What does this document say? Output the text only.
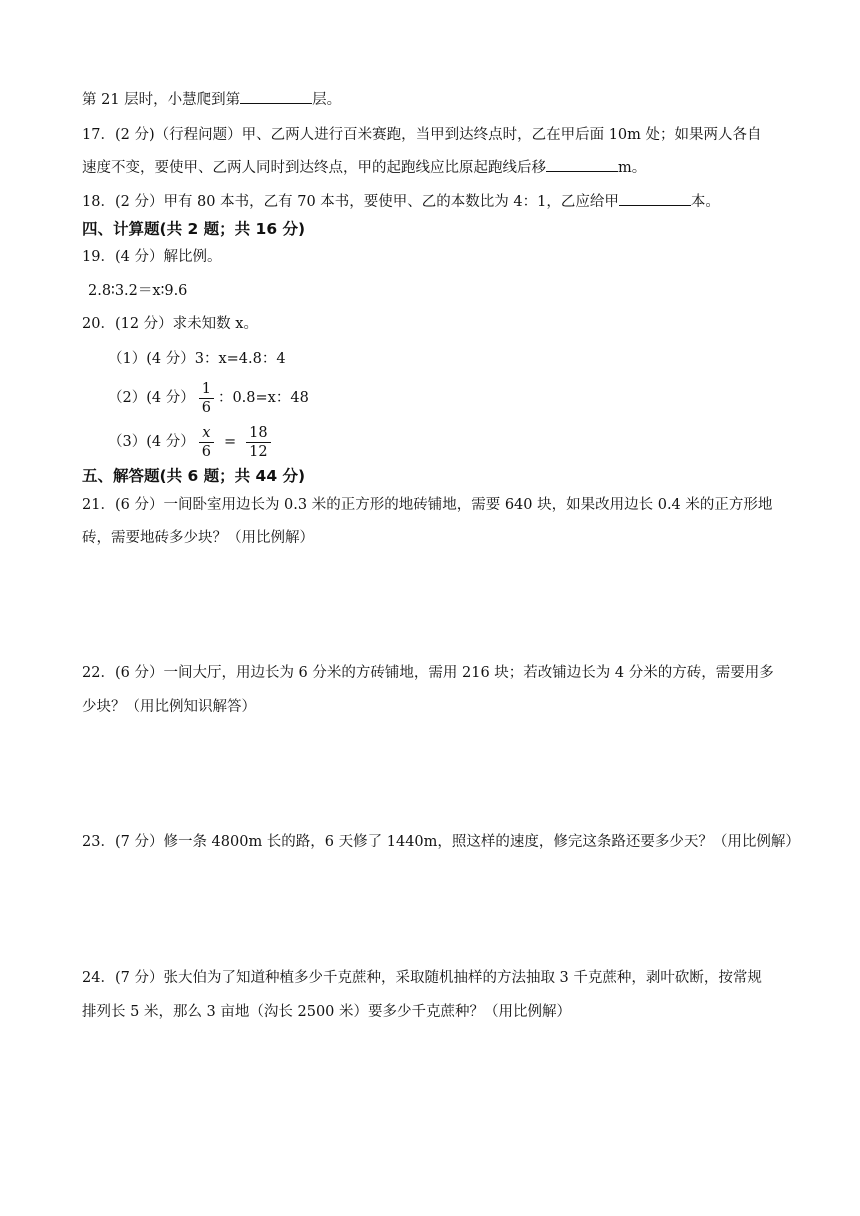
第 21 层时，小慧爬到第	层。
17．(2 分)（行程问题）甲、乙两人进行百米赛跑，当甲到达终点时，乙在甲后面 10m 处；如果两人各自
速度不变，要使甲、乙两人同时到达终点，甲的起跑线应比原起跑线后移	m。
18．(2 分）甲有 80 本书，乙有 70 本书，要使甲、乙的本数比为 4：1，乙应给甲	本。
四、计算题(共 2 题；共 16 分)
19．(4 分）解比例。
2.8∶3.2＝x∶9.6
20．(12 分）求未知数 x。
（1）(4 分）3：x=4.8：4
（2）(4 分） $\frac{1}{6}$ ：0.8=x：48
（3）(4 分） $\frac{x}{6} = \frac{18}{12}$
五、解答题(共 6 题；共 44 分)
21．(6 分）一间卧室用边长为 0.3 米的正方形的地砖铺地，需要 640 块，如果改用边长 0.4 米的正方形地
砖，需要地砖多少块？（用比例解）
22．(6 分）一间大厅，用边长为 6 分米的方砖铺地，需用 216 块；若改铺边长为 4 分米的方砖，需要用多
少块？（用比例知识解答）
23．(7 分）修一条 4800m 长的路，6 天修了 1440m，照这样的速度，修完这条路还要多少天？（用比例解）
24．(7 分）张大伯为了知道种植多少千克蔗种，采取随机抽样的方法抽取 3 千克蔗种，剥叶砍断，按常规
排列长 5 米，那么 3 亩地（沟长 2500 米）要多少千克蔗种？（用比例解）
